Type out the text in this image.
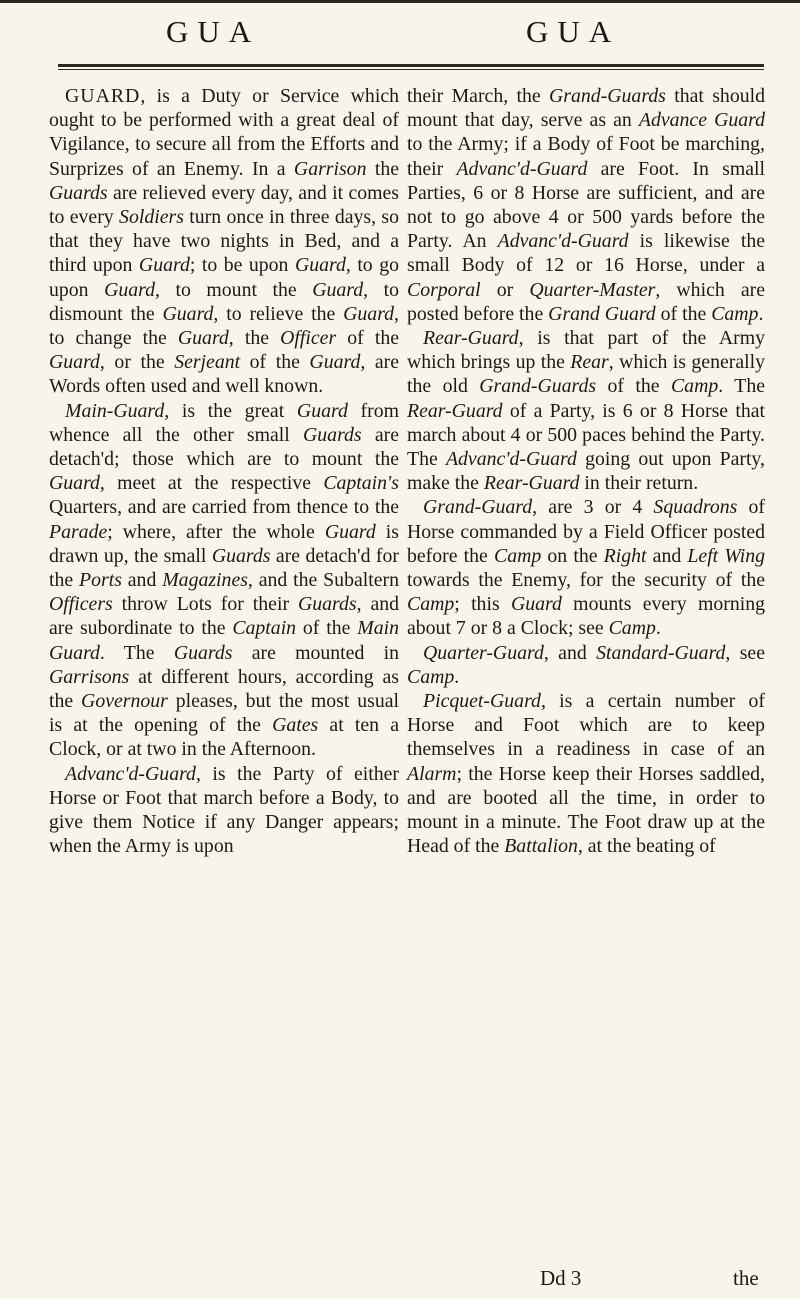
GUA	GUA

GUARD, is a Duty or Service which ought to be performed with a great deal of Vigilance, to secure all from the Efforts and Surprizes of an Enemy. In a Garrison the Guards are relieved every day, and it comes to every Soldiers turn once in three days, so that they have two nights in Bed, and a third upon Guard; to be upon Guard, to go upon Guard, to mount the Guard, to dismount the Guard, to relieve the Guard, to change the Guard, the Officer of the Guard, or the Serjeant of the Guard, are Words often used and well known.

Main-Guard, is the great Guard from whence all the other small Guards are detach'd; those which are to mount the Guard, meet at the respective Captain's Quarters, and are carried from thence to the Parade; where, after the whole Guard is drawn up, the small Guards are detach'd for the Ports and Magazines, and the Subaltern Officers throw Lots for their Guards, and are subordinate to the Captain of the Main Guard. The Guards are mounted in Garrisons at different hours, according as the Governour pleases, but the most usual is at the opening of the Gates at ten a Clock, or at two in the Afternoon.

Advanc'd-Guard, is the Party of either Horse or Foot that march before a Body, to give them Notice if any Danger appears; when the Army is upon

their March, the Grand-Guards that should mount that day, serve as an Advance Guard to the Army; if a Body of Foot be marching, their Advanc'd-Guard are Foot. In small Parties, 6 or 8 Horse are sufficient, and are not to go above 4 or 500 yards before the Party. An Advanc'd-Guard is likewise the small Body of 12 or 16 Horse, under a Corporal or Quarter-Master, which are posted before the Grand Guard of the Camp.

Rear-Guard, is that part of the Army which brings up the Rear, which is generally the old Grand-Guards of the Camp. The Rear-Guard of a Party, is 6 or 8 Horse that march about 4 or 500 paces behind the Party. The Advanc'd-Guard going out upon Party, make the Rear-Guard in their return.

Grand-Guard, are 3 or 4 Squadrons of Horse commanded by a Field Officer posted before the Camp on the Right and Left Wing towards the Enemy, for the security of the Camp; this Guard mounts every morning about 7 or 8 a Clock; see Camp.

Quarter-Guard, and Standard-Guard, see Camp.

Picquet-Guard, is a certain number of Horse and Foot which are to keep themselves in a readiness in case of an Alarm; the Horse keep their Horses saddled, and are booted all the time, in order to mount in a minute. The Foot draw up at the Head of the Battalion, at the beating of

Dd 3	the
